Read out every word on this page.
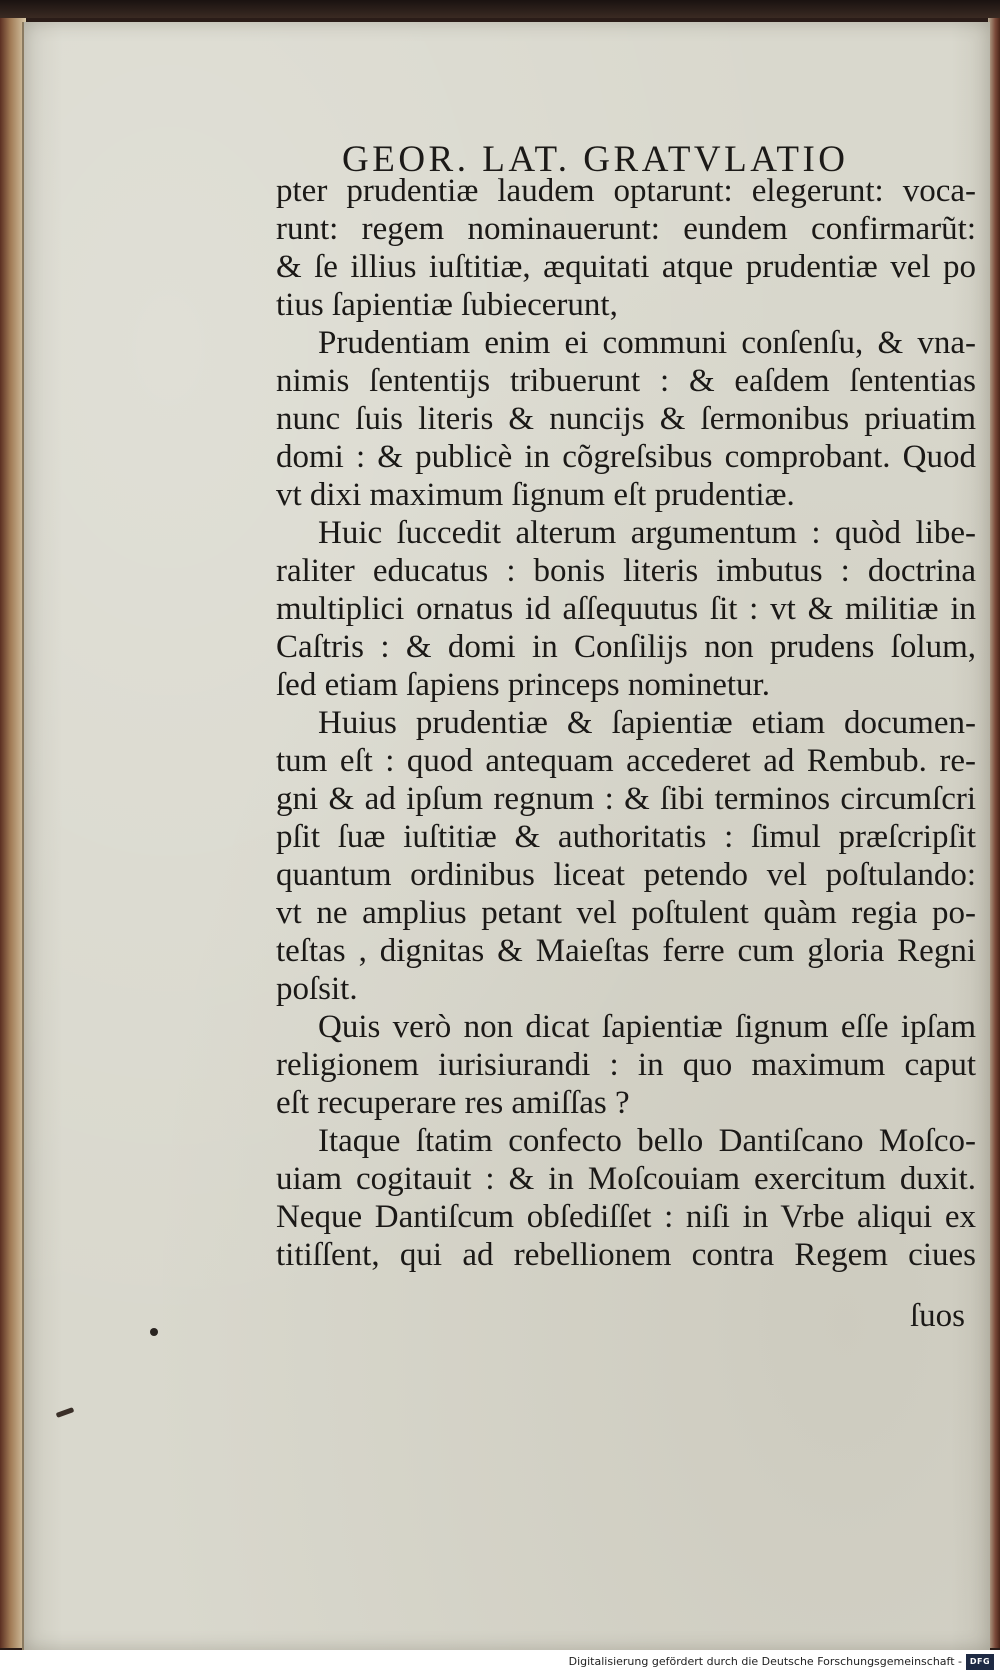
GEOR. LAT. GRATVLATIO
pter prudentiæ laudem optarunt: elegerunt: voca-
runt: regem nominauerunt: eundem confirmarũt:
& ſe illius iuſtitiæ, æquitati atque prudentiæ vel po
tius ſapientiæ ſubiecerunt,
Prudentiam enim ei communi conſenſu, & vna-
nimis ſententijs tribuerunt : & eaſdem ſententias
nunc ſuis literis & nuncijs & ſermonibus priuatim
domi : & publicè in cõgreſsibus comprobant. Quod
vt dixi maximum ſignum eſt prudentiæ.
Huic ſuccedit alterum argumentum : quòd libe-
raliter educatus : bonis literis imbutus : doctrina
multiplici ornatus id aſſequutus ſit : vt & militiæ in
Caſtris : & domi in Conſilijs non prudens ſolum,
ſed etiam ſapiens princeps nominetur.
Huius prudentiæ & ſapientiæ etiam documen-
tum eſt : quod antequam accederet ad Rembub. re-
gni & ad ipſum regnum : & ſibi terminos circumſcri
pſit ſuæ iuſtitiæ & authoritatis : ſimul præſcripſit
quantum ordinibus liceat petendo vel poſtulando:
vt ne amplius petant vel poſtulent quàm regia po-
teſtas , dignitas & Maieſtas ferre cum gloria Regni
poſsit.
Quis verò non dicat ſapientiæ ſignum eſſe ipſam
religionem iurisiurandi : in quo maximum caput
eſt recuperare res amiſſas ?
Itaque ſtatim confecto bello Dantiſcano Moſco-
uiam cogitauit : & in Moſcouiam exercitum duxit.
Neque Dantiſcum obſediſſet : niſi in Vrbe aliqui ex
titiſſent, qui ad rebellionem contra Regem ciues
ſuos
Digitalisierung gefördert durch die Deutsche Forschungsgemeinschaft - DFG
